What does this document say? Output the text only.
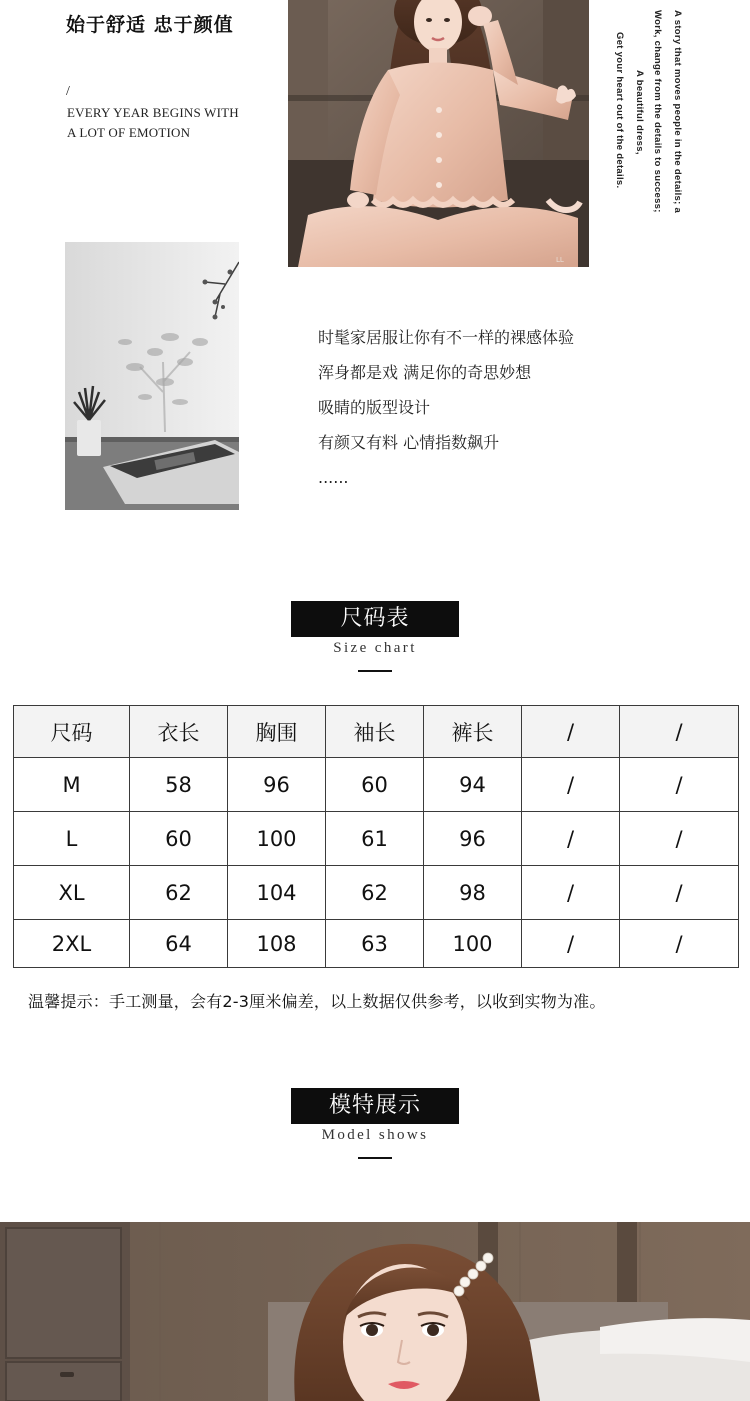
始于舒适 忠于颜值
/
EVERY YEAR BEGINS WITH
A LOT OF EMOTION
LL
A story that moves people in the details; a
Work, change from the details to success;
A beautiful dress,
Get your heart out of the details.
时髦家居服让你有不一样的裸感体验
浑身都是戏 满足你的奇思妙想
吸睛的版型设计
有颜又有料 心情指数飙升
......
尺码表
Size chart
尺码	衣长	胸围	袖长	裤长	/	/
M	58	96	60	94	/	/
L	60	100	61	96	/	/
XL	62	104	62	98	/	/
2XL	64	108	63	100	/	/
温馨提示：手工测量，会有2-3厘米偏差，以上数据仅供参考，以收到实物为准。
模特展示
Model shows
